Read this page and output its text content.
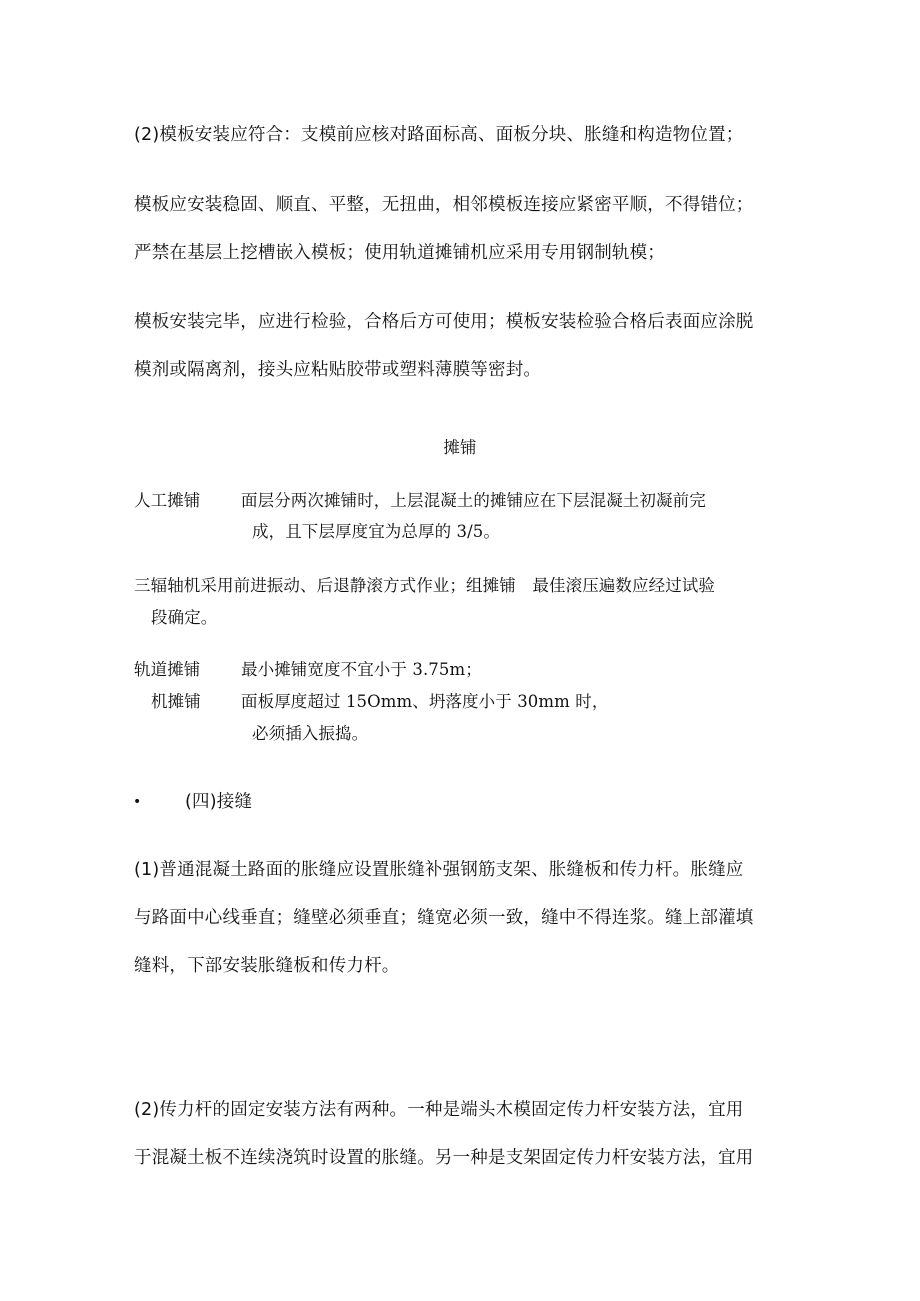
(2)模板安装应符合：支模前应核对路面标高、面板分块、胀缝和构造物位置；
模板应安装稳固、顺直、平整，无扭曲，相邻模板连接应紧密平顺，不得错位；
严禁在基层上挖槽嵌入模板；使用轨道摊铺机应采用专用钢制轨模；
模板安装完毕，应进行检验，合格后方可使用；模板安装检验合格后表面应涂脱
模剂或隔离剂，接头应粘贴胶带或塑料薄膜等密封。
摊铺
人工摊铺 面层分两次摊铺时，上层混凝土的摊铺应在下层混凝土初凝前完
成，且下层厚度宜为总厚的 3/5。
三辐轴机采用前进振动、后退静滚方式作业；组摊铺　最佳滚压遍数应经过试验
段确定。
轨道摊铺 最小摊铺宽度不宜小于 3.75m；
机摊铺 面板厚度超过 15Omm、坍落度小于 30mm 时，
必须插入振捣。
• (四)接缝
(1)普通混凝土路面的胀缝应设置胀缝补强钢筋支架、胀缝板和传力杆。胀缝应
与路面中心线垂直；缝壁必须垂直；缝宽必须一致，缝中不得连浆。缝上部灌填
缝料，下部安装胀缝板和传力杆。
(2)传力杆的固定安装方法有两种。一种是端头木模固定传力杆安装方法，宜用
于混凝土板不连续浇筑时设置的胀缝。另一种是支架固定传力杆安装方法，宜用
